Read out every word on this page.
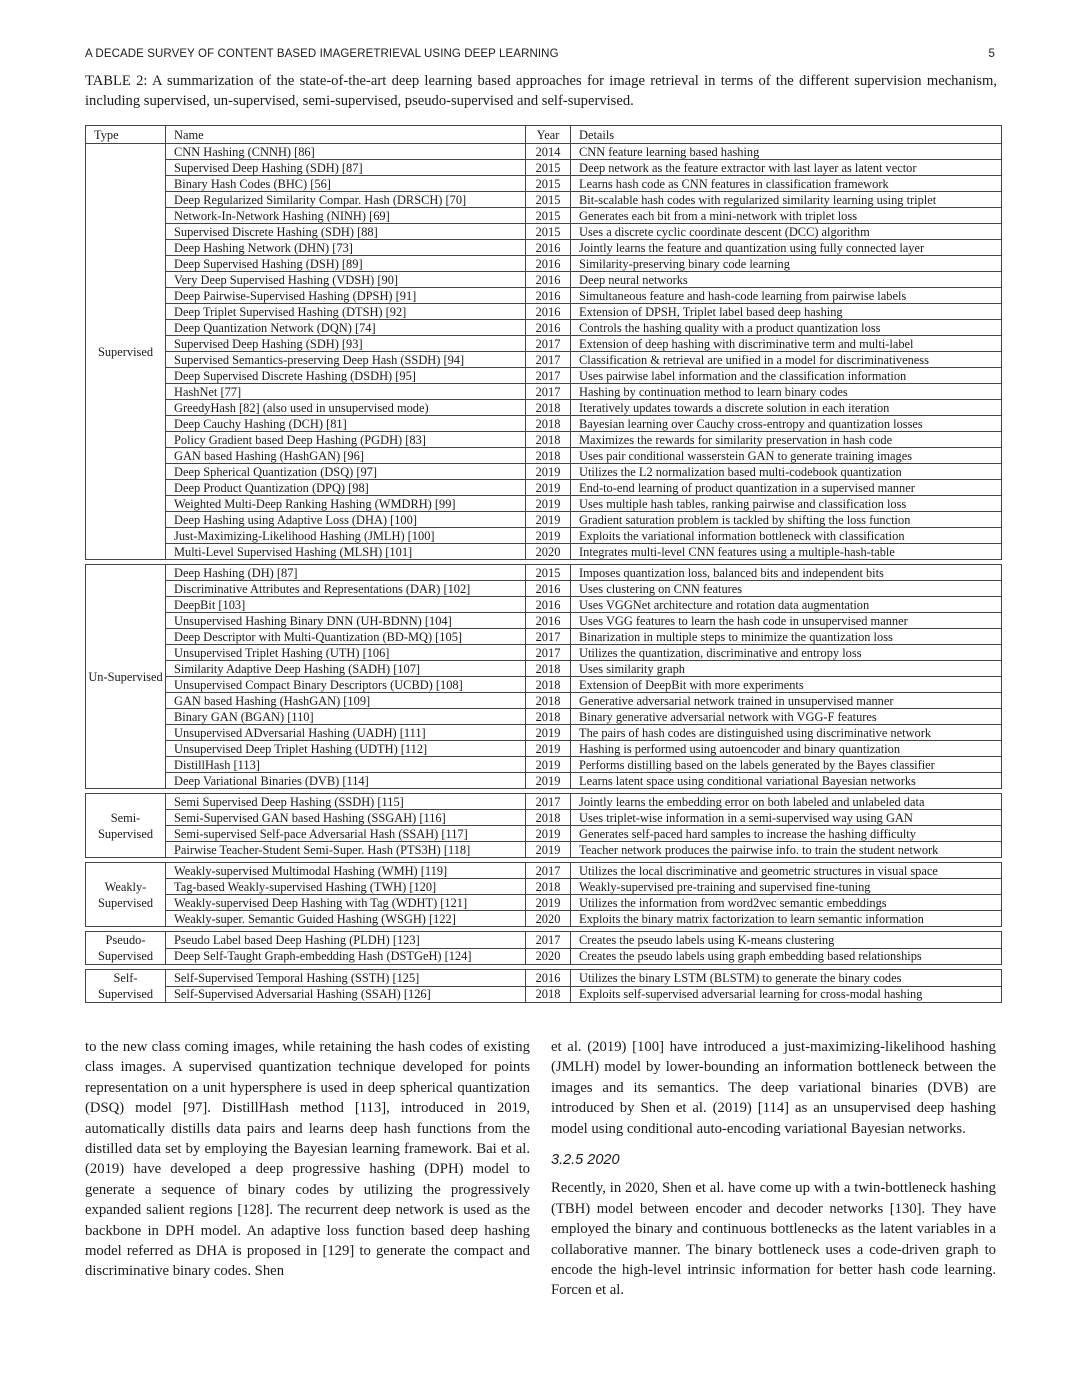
A DECADE SURVEY OF CONTENT BASED IMAGERETRIEVAL USING DEEP LEARNING	5
TABLE 2: A summarization of the state-of-the-art deep learning based approaches for image retrieval in terms of the different supervision mechanism, including supervised, un-supervised, semi-supervised, pseudo-supervised and self-supervised.
Type	Name	Year	Details
Supervised	CNN Hashing (CNNH) [86]	2014	CNN feature learning based hashing
	Supervised Deep Hashing (SDH) [87]	2015	Deep network as the feature extractor with last layer as latent vector
	Binary Hash Codes (BHC) [56]	2015	Learns hash code as CNN features in classification framework
	Deep Regularized Similarity Compar. Hash (DRSCH) [70]	2015	Bit-scalable hash codes with regularized similarity learning using triplet
	Network-In-Network Hashing (NINH) [69]	2015	Generates each bit from a mini-network with triplet loss
	Supervised Discrete Hashing (SDH) [88]	2015	Uses a discrete cyclic coordinate descent (DCC) algorithm
	Deep Hashing Network (DHN) [73]	2016	Jointly learns the feature and quantization using fully connected layer
	Deep Supervised Hashing (DSH) [89]	2016	Similarity-preserving binary code learning
	Very Deep Supervised Hashing (VDSH) [90]	2016	Deep neural networks
	Deep Pairwise-Supervised Hashing (DPSH) [91]	2016	Simultaneous feature and hash-code learning from pairwise labels
	Deep Triplet Supervised Hashing (DTSH) [92]	2016	Extension of DPSH, Triplet label based deep hashing
	Deep Quantization Network (DQN) [74]	2016	Controls the hashing quality with a product quantization loss
	Supervised Deep Hashing (SDH) [93]	2017	Extension of deep hashing with discriminative term and multi-label
	Supervised Semantics-preserving Deep Hash (SSDH) [94]	2017	Classification & retrieval are unified in a model for discriminativeness
	Deep Supervised Discrete Hashing (DSDH) [95]	2017	Uses pairwise label information and the classification information
	HashNet [77]	2017	Hashing by continuation method to learn binary codes
	GreedyHash [82] (also used in unsupervised mode)	2018	Iteratively updates towards a discrete solution in each iteration
	Deep Cauchy Hashing (DCH) [81]	2018	Bayesian learning over Cauchy cross-entropy and quantization losses
	Policy Gradient based Deep Hashing (PGDH) [83]	2018	Maximizes the rewards for similarity preservation in hash code
	GAN based Hashing (HashGAN) [96]	2018	Uses pair conditional wasserstein GAN to generate training images
	Deep Spherical Quantization (DSQ) [97]	2019	Utilizes the L2 normalization based multi-codebook quantization
	Deep Product Quantization (DPQ) [98]	2019	End-to-end learning of product quantization in a supervised manner
	Weighted Multi-Deep Ranking Hashing (WMDRH) [99]	2019	Uses multiple hash tables, ranking pairwise and classification loss
	Deep Hashing using Adaptive Loss (DHA) [100]	2019	Gradient saturation problem is tackled by shifting the loss function
	Just-Maximizing-Likelihood Hashing (JMLH) [100]	2019	Exploits the variational information bottleneck with classification
	Multi-Level Supervised Hashing (MLSH) [101]	2020	Integrates multi-level CNN features using a multiple-hash-table

Un-Supervised	Deep Hashing (DH) [87]	2015	Imposes quantization loss, balanced bits and independent bits
	Discriminative Attributes and Representations (DAR) [102]	2016	Uses clustering on CNN features
	DeepBit [103]	2016	Uses VGGNet architecture and rotation data augmentation
	Unsupervised Hashing Binary DNN (UH-BDNN) [104]	2016	Uses VGG features to learn the hash code in unsupervised manner
	Deep Descriptor with Multi-Quantization (BD-MQ) [105]	2017	Binarization in multiple steps to minimize the quantization loss
	Unsupervised Triplet Hashing (UTH) [106]	2017	Utilizes the quantization, discriminative and entropy loss
	Similarity Adaptive Deep Hashing (SADH) [107]	2018	Uses similarity graph
	Unsupervised Compact Binary Descriptors (UCBD) [108]	2018	Extension of DeepBit with more experiments
	GAN based Hashing (HashGAN) [109]	2018	Generative adversarial network trained in unsupervised manner
	Binary GAN (BGAN) [110]	2018	Binary generative adversarial network with VGG-F features
	Unsupervised ADversarial Hashing (UADH) [111]	2019	The pairs of hash codes are distinguished using discriminative network
	Unsupervised Deep Triplet Hashing (UDTH) [112]	2019	Hashing is performed using autoencoder and binary quantization
	DistillHash [113]	2019	Performs distilling based on the labels generated by the Bayes classifier
	Deep Variational Binaries (DVB) [114]	2019	Learns latent space using conditional variational Bayesian networks

Semi-Supervised	Semi Supervised Deep Hashing (SSDH) [115]	2017	Jointly learns the embedding error on both labeled and unlabeled data
	Semi-Supervised GAN based Hashing (SSGAH) [116]	2018	Uses triplet-wise information in a semi-supervised way using GAN
	Semi-supervised Self-pace Adversarial Hash (SSAH) [117]	2019	Generates self-paced hard samples to increase the hashing difficulty
	Pairwise Teacher-Student Semi-Super. Hash (PTS3H) [118]	2019	Teacher network produces the pairwise info. to train the student network

Weakly-Supervised	Weakly-supervised Multimodal Hashing (WMH) [119]	2017	Utilizes the local discriminative and geometric structures in visual space
	Tag-based Weakly-supervised Hashing (TWH) [120]	2018	Weakly-supervised pre-training and supervised fine-tuning
	Weakly-supervised Deep Hashing with Tag (WDHT) [121]	2019	Utilizes the information from word2vec semantic embeddings
	Weakly-super. Semantic Guided Hashing (WSGH) [122]	2020	Exploits the binary matrix factorization to learn semantic information

Pseudo-Supervised	Pseudo Label based Deep Hashing (PLDH) [123]	2017	Creates the pseudo labels using K-means clustering
	Deep Self-Taught Graph-embedding Hash (DSTGeH) [124]	2020	Creates the pseudo labels using graph embedding based relationships

Self-Supervised	Self-Supervised Temporal Hashing (SSTH) [125]	2016	Utilizes the binary LSTM (BLSTM) to generate the binary codes
	Self-Supervised Adversarial Hashing (SSAH) [126]	2018	Exploits self-supervised adversarial learning for cross-modal hashing

to the new class coming images, while retaining the hash codes of existing class images. A supervised quantization technique developed for points representation on a unit hypersphere is used in deep spherical quantization (DSQ) model [97]. DistillHash method [113], introduced in 2019, automatically distills data pairs and learns deep hash functions from the distilled data set by employing the Bayesian learning framework. Bai et al. (2019) have developed a deep progressive hashing (DPH) model to generate a sequence of binary codes by utilizing the progressively expanded salient regions [128]. The recurrent deep network is used as the backbone in DPH model. An adaptive loss function based deep hashing model referred as DHA is proposed in [129] to generate the compact and discriminative binary codes. Shen

et al. (2019) [100] have introduced a just-maximizing-likelihood hashing (JMLH) model by lower-bounding an information bottleneck between the images and its semantics. The deep variational binaries (DVB) are introduced by Shen et al. (2019) [114] as an unsupervised deep hashing model using conditional auto-encoding variational Bayesian networks.

3.2.5 2020

Recently, in 2020, Shen et al. have come up with a twin-bottleneck hashing (TBH) model between encoder and decoder networks [130]. They have employed the binary and continuous bottlenecks as the latent variables in a collaborative manner. The binary bottleneck uses a code-driven graph to encode the high-level intrinsic information for better hash code learning. Forcen et al.
